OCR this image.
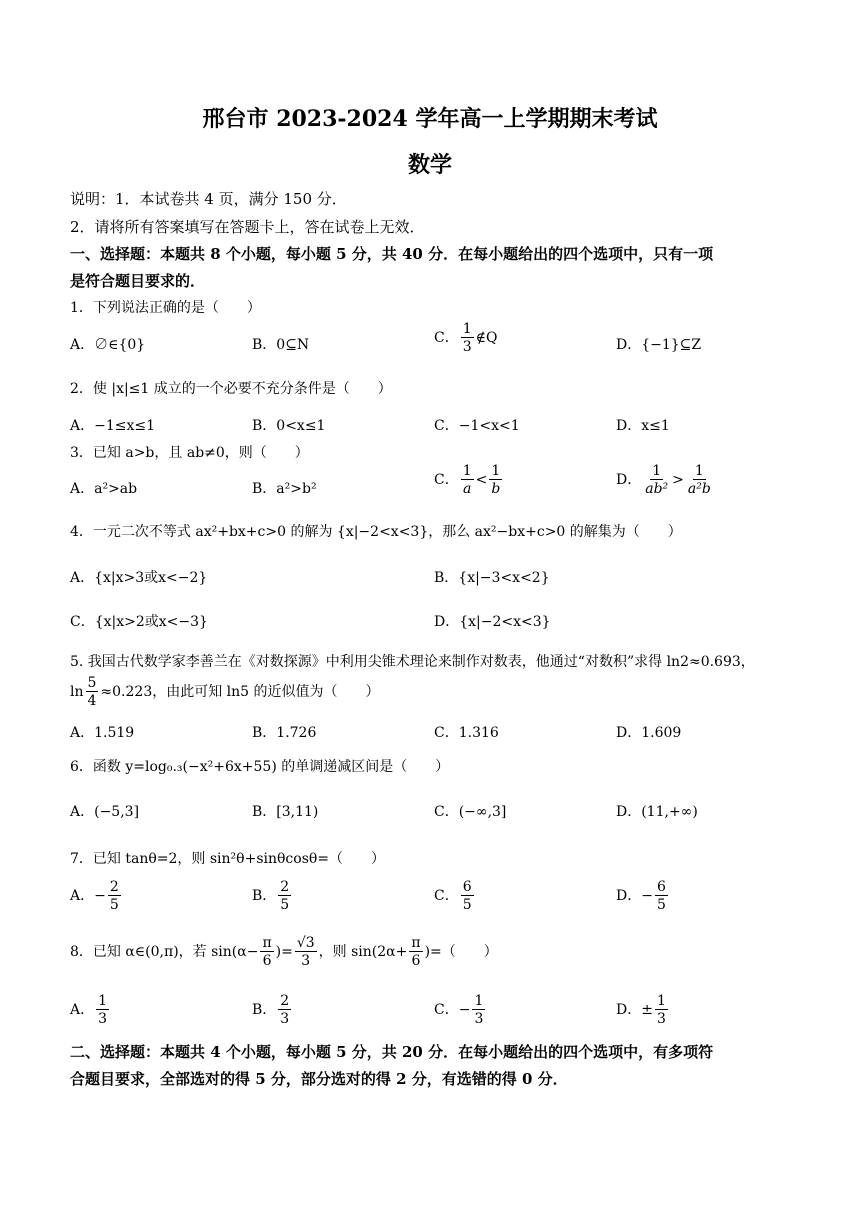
邢台市 2023-2024 学年高一上学期期末考试
数学
说明：1．本试卷共 4 页，满分 150 分．
2．请将所有答案填写在答题卡上，答在试卷上无效．
一、选择题：本题共 8 个小题，每小题 5 分，共 40 分．在每小题给出的四个选项中，只有一项
是符合题目要求的．
1．下列说法正确的是（　　）
A．∅∈{0}	B．0⊆N	C． $\frac{1}{3}$ ∉Q	D．{−1}⊆Z
2．使 |x|≤1 成立的一个必要不充分条件是（　　）
A．−1≤x≤1	B．0<x≤1	C．−1<x<1	D．x≤1
3．已知 a>b，且 ab≠0，则（　　）
A．a²>ab	B．a²>b²
C． $\frac{1}{a} < \frac{1}{b}$	D． $\frac{1}{\text{ab²}} > \frac{1}{\text{a²b}}$
4．一元二次不等式 ax²+bx+c>0 的解为 {x|−2<x<3}，那么 ax²−bx+c>0 的解集为（　　）
A．{x|x>3或x<−2}	B．{x|−3<x<2}
C．{x|x>2或x<−3}	D．{x|−2<x<3}
5. 我国古代数学家李善兰在《对数探源》中利用尖锥术理论来制作对数表，他通过“对数积”求得 ln2≈0.693，
$\ln \frac{5}{4} \approx 0.223$，由此可知 ln5 的近似值为（　　）
A．1.519	B．1.726	C．1.316	D．1.609
6．函数 y=log₀.₃(−x²+6x+55) 的单调递减区间是（　　）
A．(−5,3]	B．[3,11)	C．(−∞,3]	D．(11,+∞)
7．已知 tanθ=2，则 sin²θ+sinθcosθ=（　　）
A．− $\frac{2}{5}$	B． $\frac{2}{5}$	C． $\frac{6}{5}$	D．− $\frac{6}{5}$
8．已知 α∈(0,π)，若 $\sin(\alpha- \frac{\pi}{6}$ )= $\frac{√3}{3}$ ，则 $\sin(2\alpha+ \frac{\pi}{6}$ )=（　　）
A． $\frac{1}{3}$	B． $\frac{2}{3}$	C．− $\frac{1}{3}$	D．± $\frac{1}{3}$
二、选择题：本题共 4 个小题，每小题 5 分，共 20 分．在每小题给出的四个选项中，有多项符
合题目要求，全部选对的得 5 分，部分选对的得 2 分，有选错的得 0 分．
